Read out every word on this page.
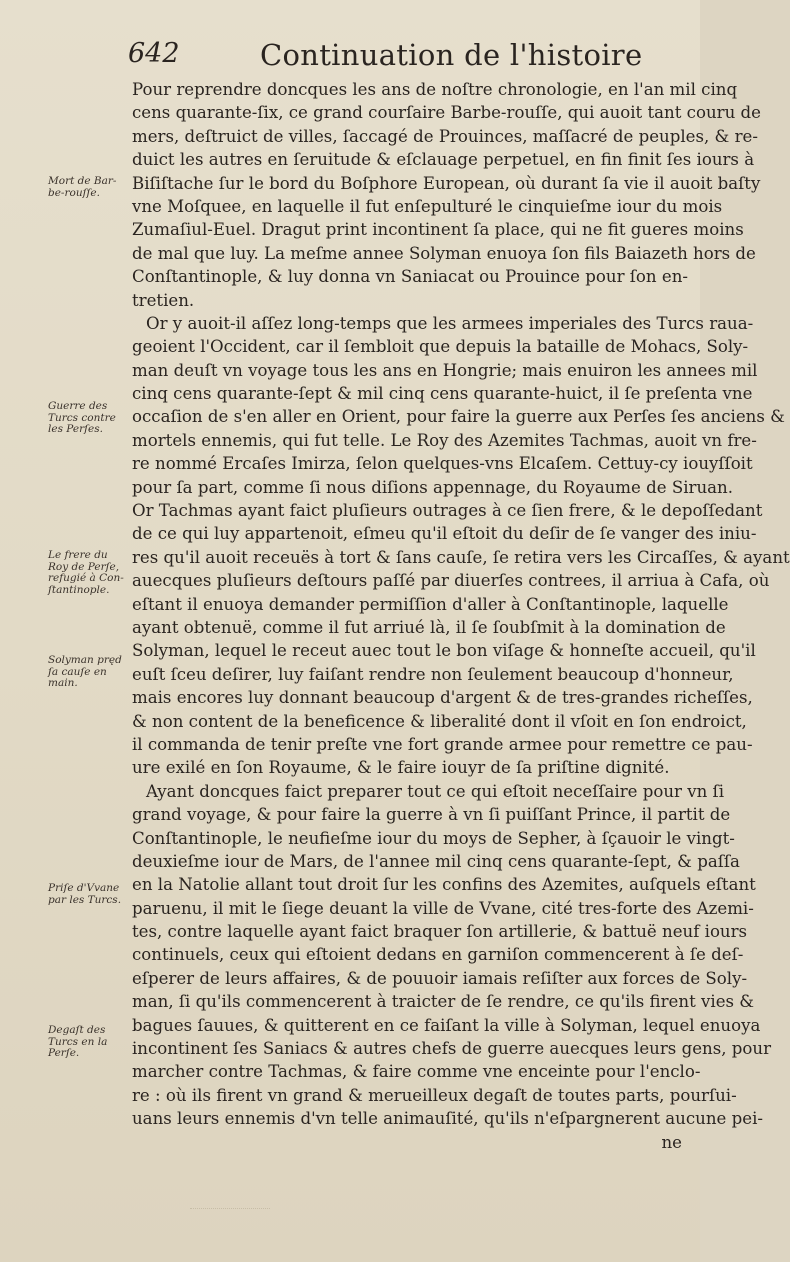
642	Continuation de l'histoire
Mort de Bar-
be-rouſſe.
Guerre des
Turcs contre
les Perſes.
Le frere du
Roy de Perſe,
refugié à Con-
ſtantinople.
Solyman pręd
ſa cauſe en
main.
Priſe d'Vvane
par les Turcs.
Degaſt des
Turcs en la
Perſe.
Pour reprendre doncques les ans de noſtre chronologie, en l'an mil cinq
cens quarante-ſix, ce grand courſaire Barbe-rouſſe, qui auoit tant couru de
mers, deſtruict de villes, ſaccagé de Prouinces, maſſacré de peuples, & re-
duict les autres en ſeruitude & eſclauage perpetuel, en fin finit ſes iours à
Biſiſtache ſur le bord du Boſphore European, où durant ſa vie il auoit baſty
vne Moſquee, en laquelle il fut enſepulturé le cinquieſme iour du mois
Zumaſiul-Euel. Dragut print incontinent ſa place, qui ne fit gueres moins
de mal que luy. La meſme annee Solyman enuoya ſon fils Baiazeth hors de
Conſtantinople, & luy donna vn Saniacat ou Prouince pour ſon en-
tretien.
Or y auoit-il aſſez long-temps que les armees imperiales des Turcs raua-
geoient l'Occident, car il ſembloit que depuis la bataille de Mohacs, Soly-
man deuſt vn voyage tous les ans en Hongrie; mais enuiron les annees mil
cinq cens quarante-ſept & mil cinq cens quarante-huict, il ſe preſenta vne
occaſion de s'en aller en Orient, pour faire la guerre aux Perſes ſes anciens &
mortels ennemis, qui fut telle. Le Roy des Azemites Tachmas, auoit vn fre-
re nommé Ercaſes Imirza, ſelon quelques-vns Elcaſem. Cettuy-cy iouyſſoit
pour ſa part, comme ſi nous diſions appennage, du Royaume de Siruan.
Or Tachmas ayant faict pluſieurs outrages à ce ſien frere, & le depoſſedant
de ce qui luy appartenoit, eſmeu qu'il eſtoit du deſir de ſe vanger des iniu-
res qu'il auoit receuës à tort & ſans cauſe, ſe retira vers les Circaſſes, & ayant
auecques pluſieurs deſtours paſſé par diuerſes contrees, il arriua à Cafa, où
eſtant il enuoya demander permiſſion d'aller à Conſtantinople, laquelle
ayant obtenuë, comme il fut arriué là, il ſe ſoubſmit à la domination de
Solyman, lequel le receut auec tout le bon viſage & honneſte accueil, qu'il
euſt ſceu deſirer, luy faiſant rendre non ſeulement beaucoup d'honneur,
mais encores luy donnant beaucoup d'argent & de tres-grandes richeſſes,
& non content de la beneficence & liberalité dont il vſoit en ſon endroict,
il commanda de tenir preſte vne fort grande armee pour remettre ce pau-
ure exilé en ſon Royaume, & le faire iouyr de ſa priſtine dignité.
Ayant doncques faict preparer tout ce qui eſtoit neceſſaire pour vn ſi
grand voyage, & pour faire la guerre à vn ſi puiſſant Prince, il partit de
Conſtantinople, le neufieſme iour du moys de Sepher, à ſçauoir le vingt-
deuxieſme iour de Mars, de l'annee mil cinq cens quarante-ſept, & paſſa
en la Natolie allant tout droit ſur les confins des Azemites, auſquels eſtant
paruenu, il mit le ſiege deuant la ville de Vvane, cité tres-forte des Azemi-
tes, contre laquelle ayant faict braquer ſon artillerie, & battuë neuf iours
continuels, ceux qui eſtoient dedans en garniſon commencerent à ſe deſ-
eſperer de leurs affaires, & de pouuoir iamais reſiſter aux forces de Soly-
man, ſi qu'ils commencerent à traicter de ſe rendre, ce qu'ils firent vies &
bagues ſauues, & quitterent en ce faiſant la ville à Solyman, lequel enuoya
incontinent ſes Saniacs & autres chefs de guerre auecques leurs gens, pour
marcher contre Tachmas, & faire comme vne enceinte pour l'enclo-
re : où ils firent vn grand & merueilleux degaſt de toutes parts, pourſui-
uans leurs ennemis d'vn telle animauſité, qu'ils n'eſpargnerent aucune pei-
ne
